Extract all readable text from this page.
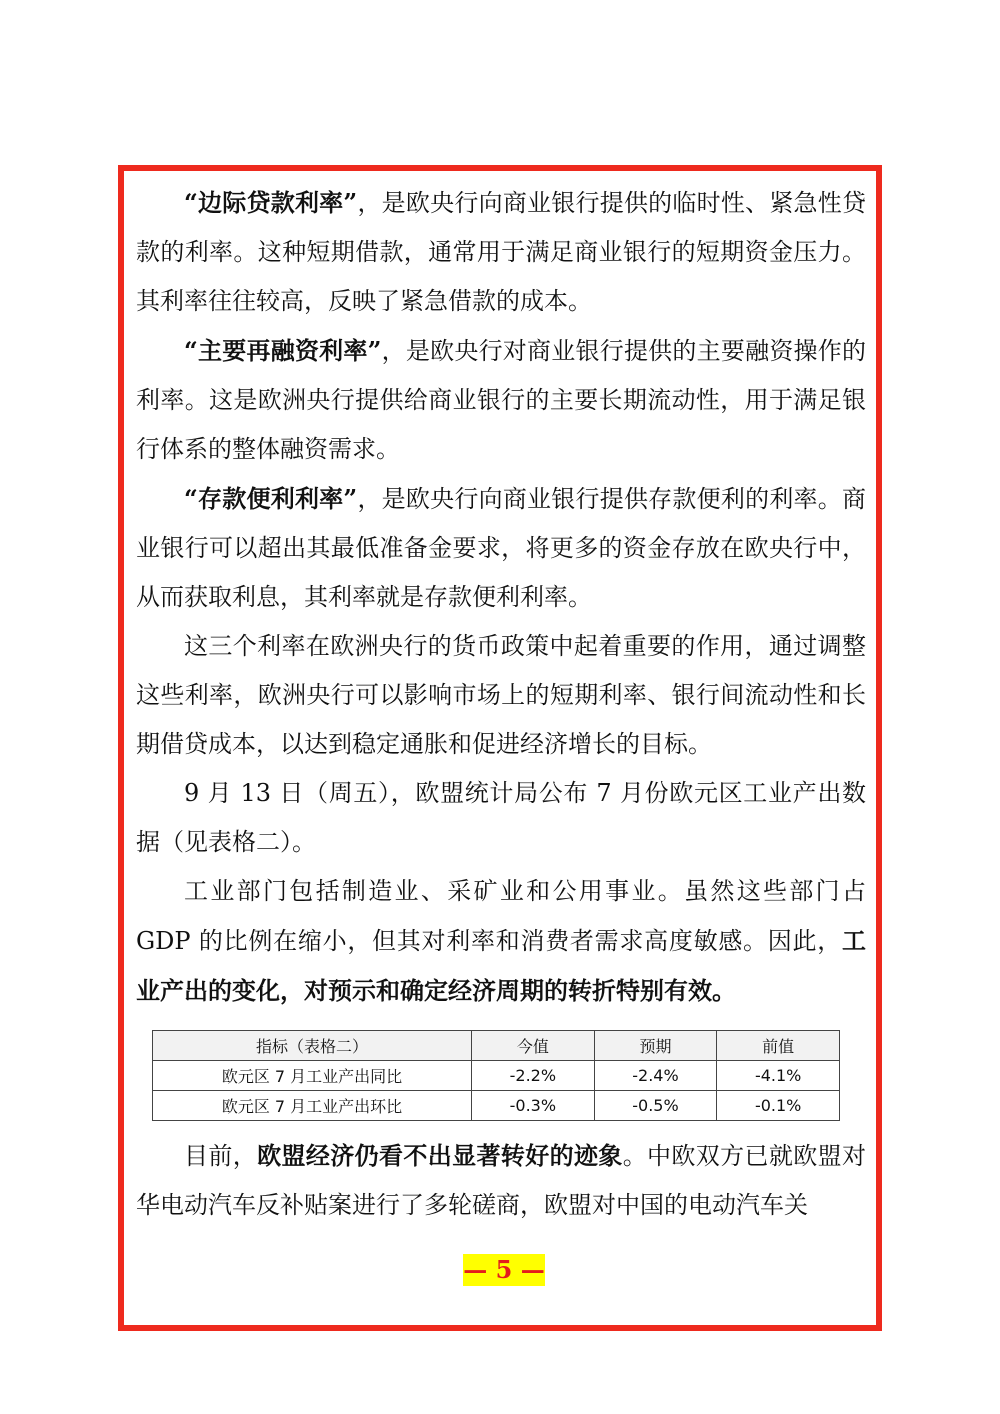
“边际贷款利率”，是欧央行向商业银行提供的临时性、紧急性贷款的利率。这种短期借款，通常用于满足商业银行的短期资金压力。其利率往往较高，反映了紧急借款的成本。

“主要再融资利率”，是欧央行对商业银行提供的主要融资操作的利率。这是欧洲央行提供给商业银行的主要长期流动性，用于满足银行体系的整体融资需求。

“存款便利利率”，是欧央行向商业银行提供存款便利的利率。商业银行可以超出其最低准备金要求，将更多的资金存放在欧央行中，从而获取利息，其利率就是存款便利利率。

这三个利率在欧洲央行的货币政策中起着重要的作用，通过调整这些利率，欧洲央行可以影响市场上的短期利率、银行间流动性和长期借贷成本，以达到稳定通胀和促进经济增长的目标。

9 月 13 日（周五），欧盟统计局公布 7 月份欧元区工业产出数据（见表格二）。

工业部门包括制造业、采矿业和公用事业。虽然这些部门占 GDP 的比例在缩小，但其对利率和消费者需求高度敏感。因此，工业产出的变化，对预示和确定经济周期的转折特别有效。

指标（表格二）	今值	预期	前值
欧元区 7 月工业产出同比	-2.2%	-2.4%	-4.1%
欧元区 7 月工业产出环比	-0.3%	-0.5%	-0.1%

目前，欧盟经济仍看不出显著转好的迹象。中欧双方已就欧盟对华电动汽车反补贴案进行了多轮磋商，欧盟对中国的电动汽车关

— 5 —
